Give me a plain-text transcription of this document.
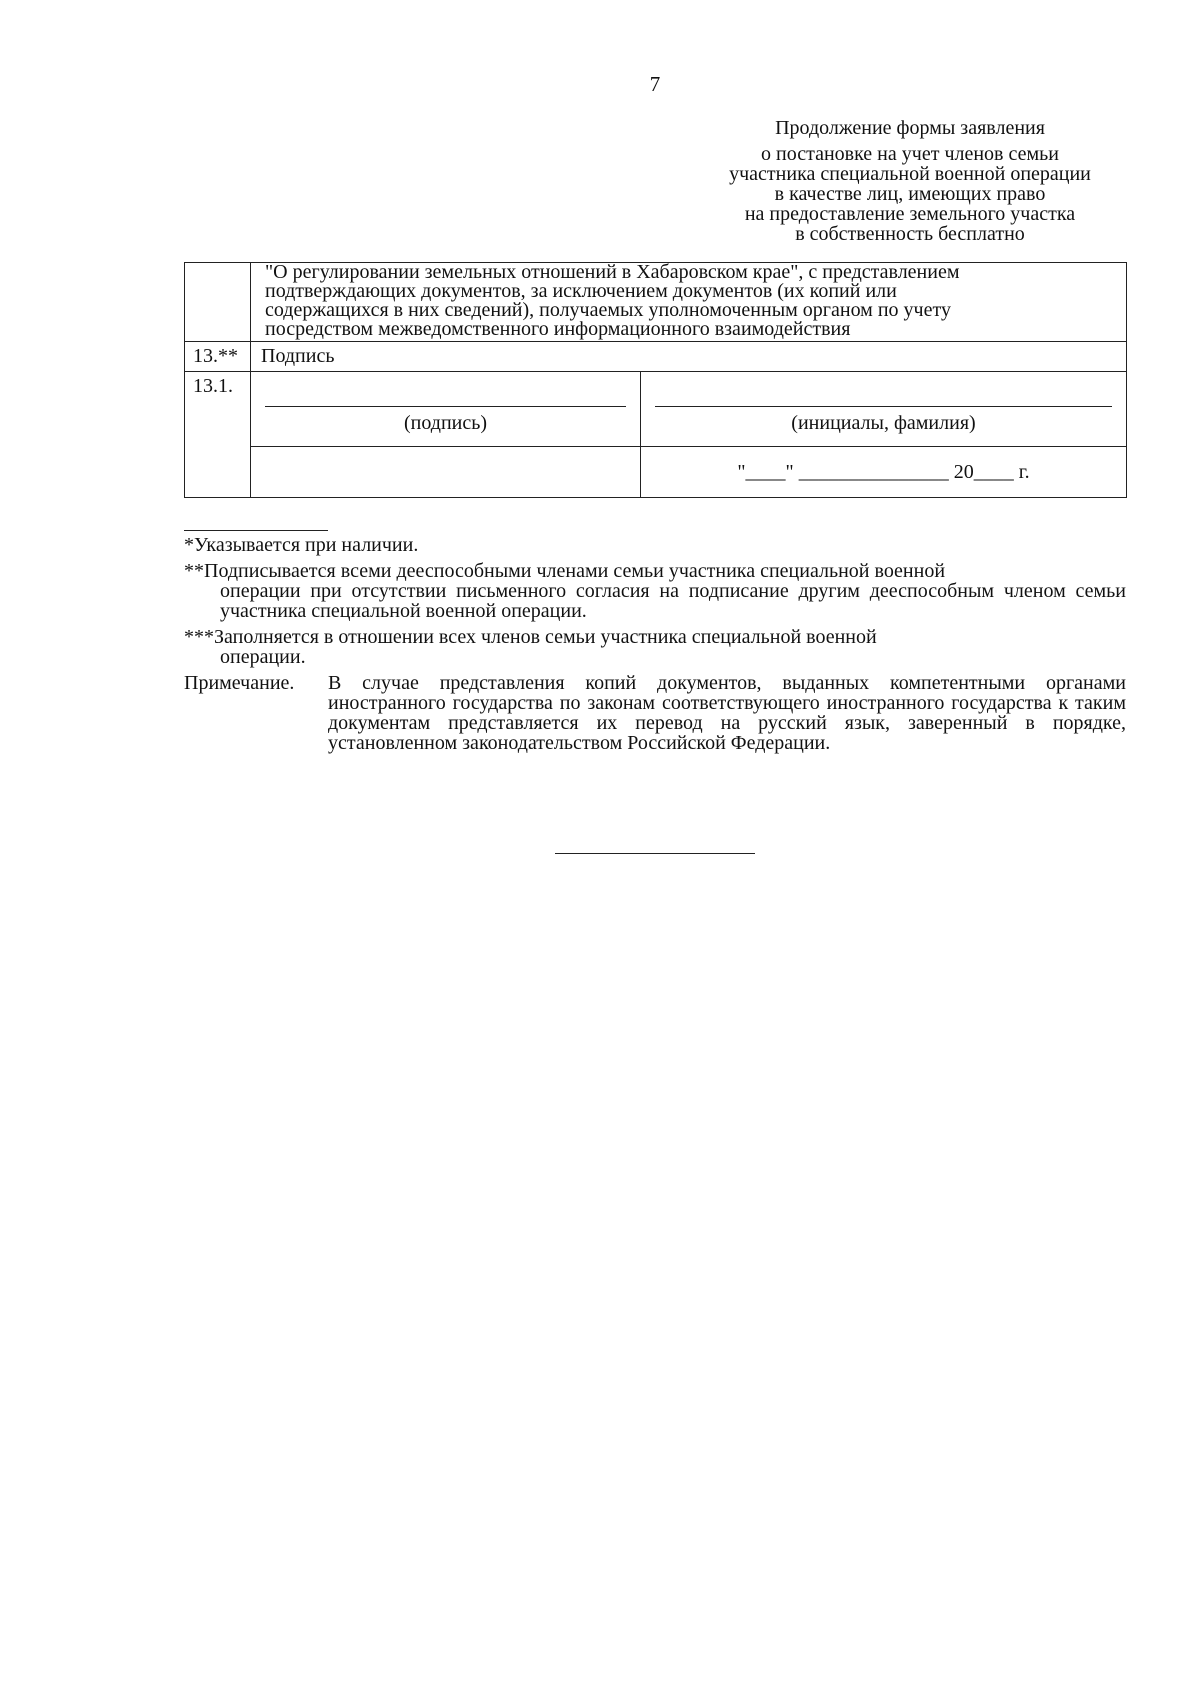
7
Продолжение формы заявления
о постановке на учет членов семьи
участника специальной военной операции
в качестве лиц, имеющих право
на предоставление земельного участка
в собственность бесплатно

	"О регулировании земельных отношений в Хабаровском крае", с представлением
подтверждающих документов, за исключением документов (их копий или
содержащихся в них сведений), получаемых уполномоченным органом по учету
посредством межведомственного информационного взаимодействия	

13.**	Подпись	
13.1.	(подпись)	(инициалы, фамилия)

		"____" _______________ 20____ г.
*Указывается при наличии.
**Подписывается всеми дееспособными членами семьи участника специальной военной
операции при отсутствии письменного согласия на подписание другим дееспособным членом семьи участника специальной военной операции.
***Заполняется в отношении всех членов семьи участника специальной военной
операции.
Примечание.	В случае представления копий документов, выданных компетентными органами иностранного государства по законам соответствующего иностранного государства к таким документам представляется их перевод на русский язык, заверенный в порядке, установленном законодательством Российской Федерации.
